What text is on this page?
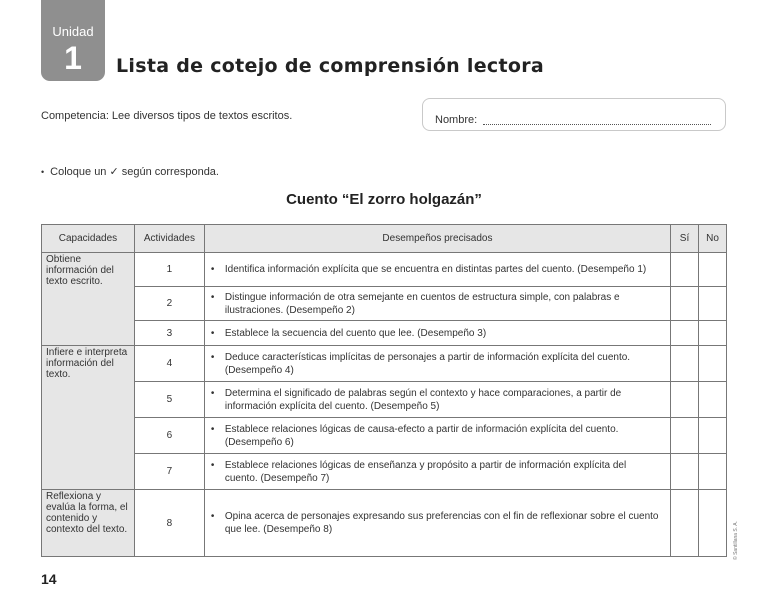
Unidad
1	Lista de cotejo de comprensión lectora
Competencia: Lee diversos tipos de textos escritos.	Nombre:
• Coloque un ✓ según corresponda.
Cuento “El zorro holgazán”
Capacidades	Actividades	Desempeños precisados	Sí	No
Obtiene información del texto escrito.	1	• Identifica información explícita que se encuentra en distintas partes del cuento. (Desempeño 1)		

	2	• Distingue información de otra semejante en cuentos de estructura simple, con palabras e ilustraciones. (Desempeño 2)		

	3	• Establece la secuencia del cuento que lee. (Desempeño 3)		

Infiere e interpreta información del texto.	4	• Deduce características implícitas de personajes a partir de información explícita del cuento. (Desempeño 4)		

	5	• Determina el significado de palabras según el contexto y hace comparaciones, a partir de información explícita del cuento. (Desempeño 5)		

	6	• Establece relaciones lógicas de causa-efecto a partir de información explícita del cuento. (Desempeño 6)		

	7	• Establece relaciones lógicas de enseñanza y propósito a partir de información explícita del cuento. (Desempeño 7)		

Reflexiona y evalúa la forma, el contenido y contexto del texto.	8	• Opina acerca de personajes expresando sus preferencias con el fin de reflexionar sobre el cuento que lee. (Desempeño 8)		
			© Santillana S. A.
14
